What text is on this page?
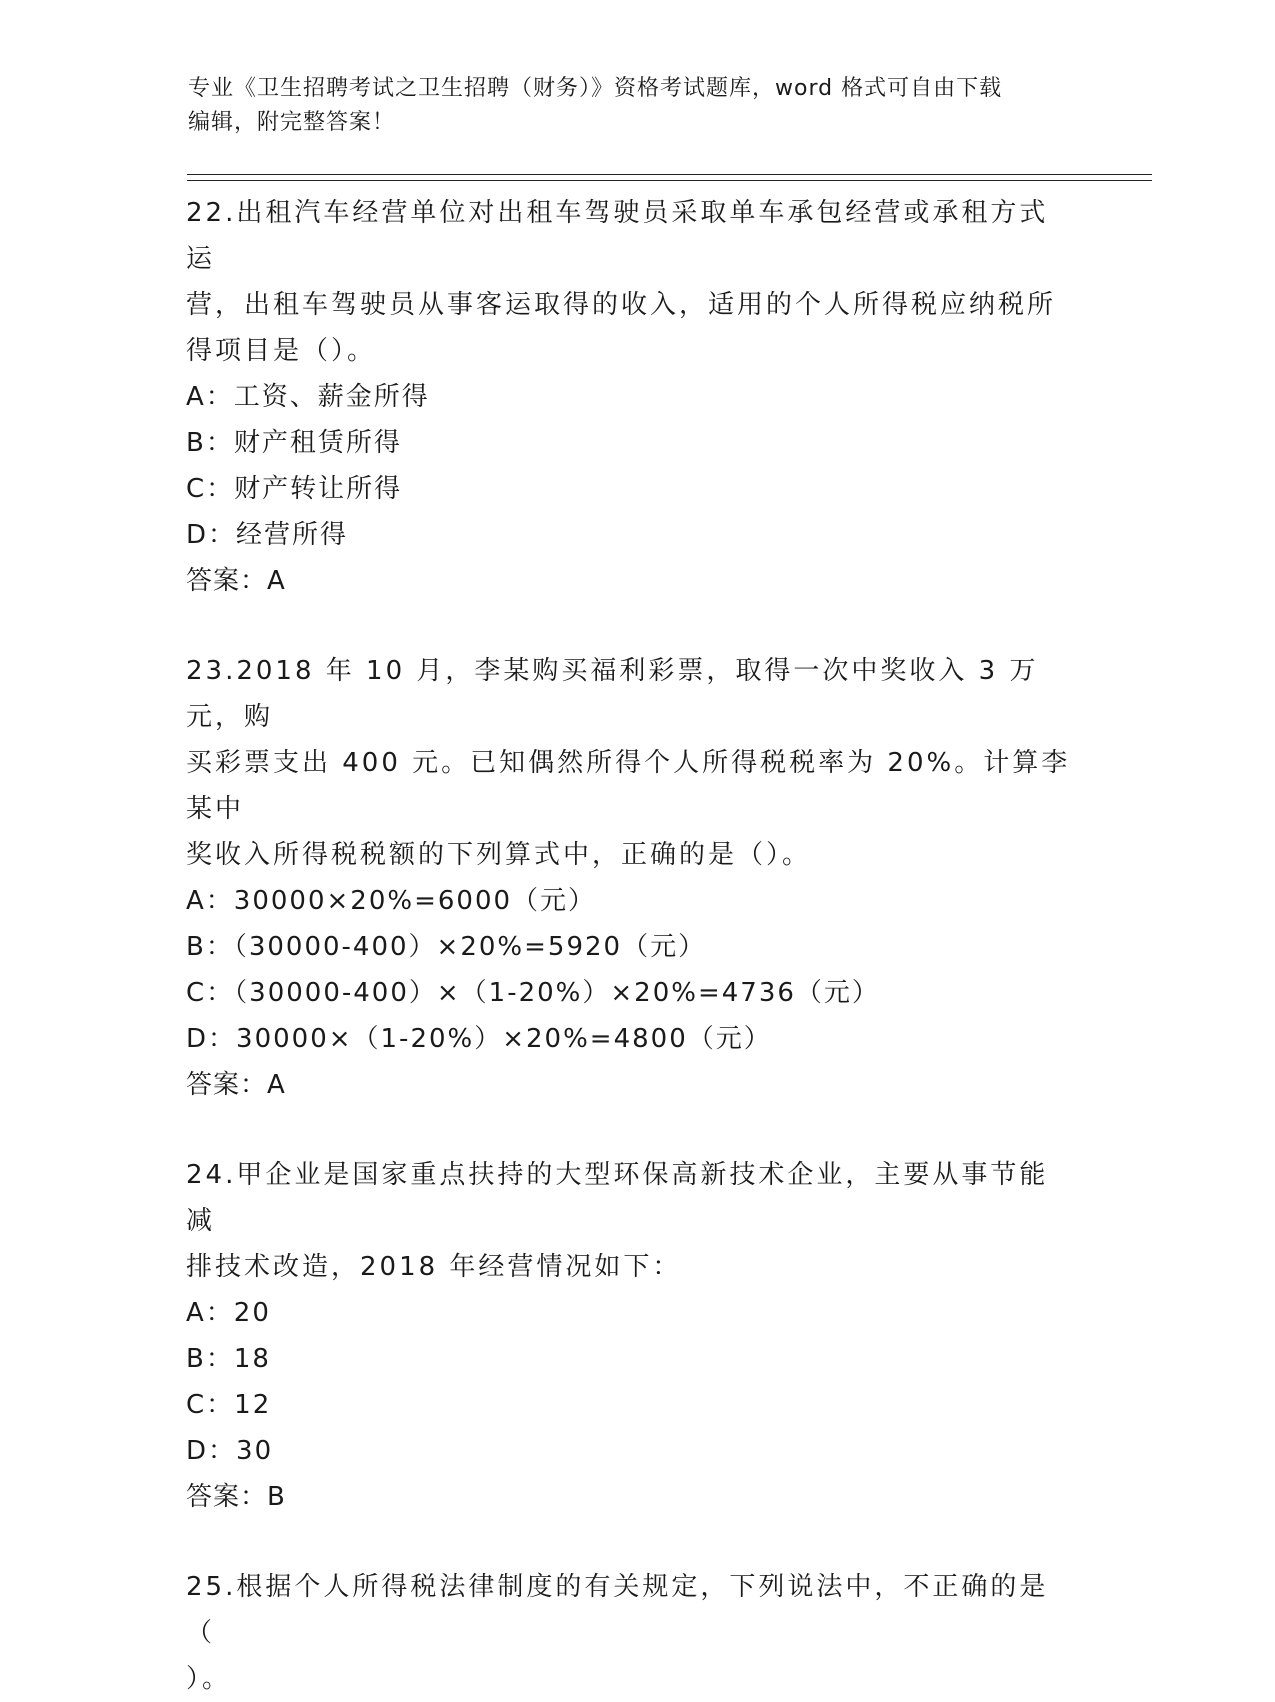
专业《卫生招聘考试之卫生招聘（财务）》资格考试题库，word 格式可自由下载
编辑，附完整答案！

22.出租汽车经营单位对出租车驾驶员采取单车承包经营或承租方式运
营，出租车驾驶员从事客运取得的收入，适用的个人所得税应纳税所
得项目是（）。

A：工资、薪金所得

B：财产租赁所得

C：财产转让所得

D：经营所得

答案：A

23.2018 年 10 月，李某购买福利彩票，取得一次中奖收入 3 万元，购
买彩票支出 400 元。已知偶然所得个人所得税税率为 20%。计算李某中
奖收入所得税税额的下列算式中，正确的是（）。

A：30000×20%=6000（元）

B：（30000-400）×20%=5920（元）

C：（30000-400）×（1-20%）×20%=4736（元）

D：30000×（1-20%）×20%=4800（元）

答案：A

24.甲企业是国家重点扶持的大型环保高新技术企业，主要从事节能减
排技术改造，2018 年经营情况如下：

A：20

B：18

C：12

D：30

答案：B

25.根据个人所得税法律制度的有关规定，下列说法中，不正确的是（
）。
